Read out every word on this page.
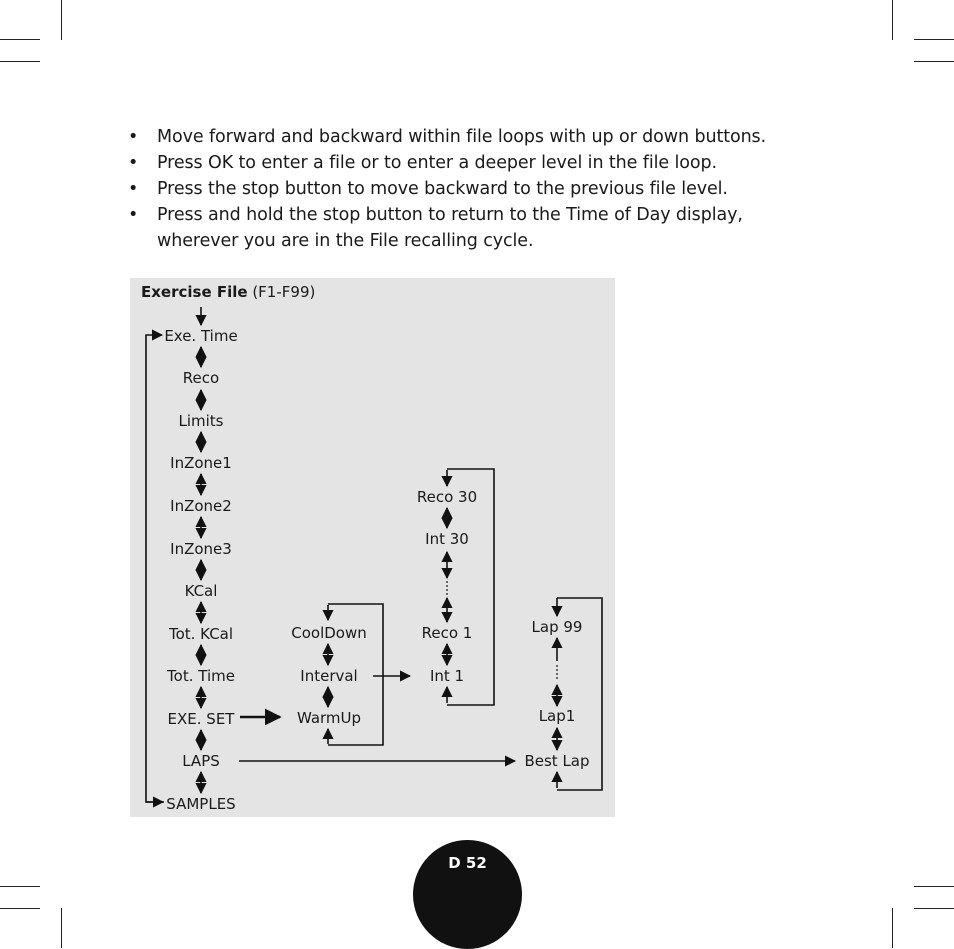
• Move forward and backward within file loops with up or down buttons.
• Press OK to enter a file or to enter a deeper level in the file loop.
• Press the stop button to move backward to the previous file level.
• Press and hold the stop button to return to the Time of Day display,
wherever you are in the File recalling cycle.
Exercise File (F1-F99)
Exe. Time
Reco
Limits
InZone1
InZone2
InZone3
KCal
Tot. KCal
Tot. Time
EXE. SET
LAPS
SAMPLES
CoolDown
Interval
WarmUp
Reco 30
Int 30
Reco 1
Int 1
Lap 99
Lap1
Best Lap
D 52
